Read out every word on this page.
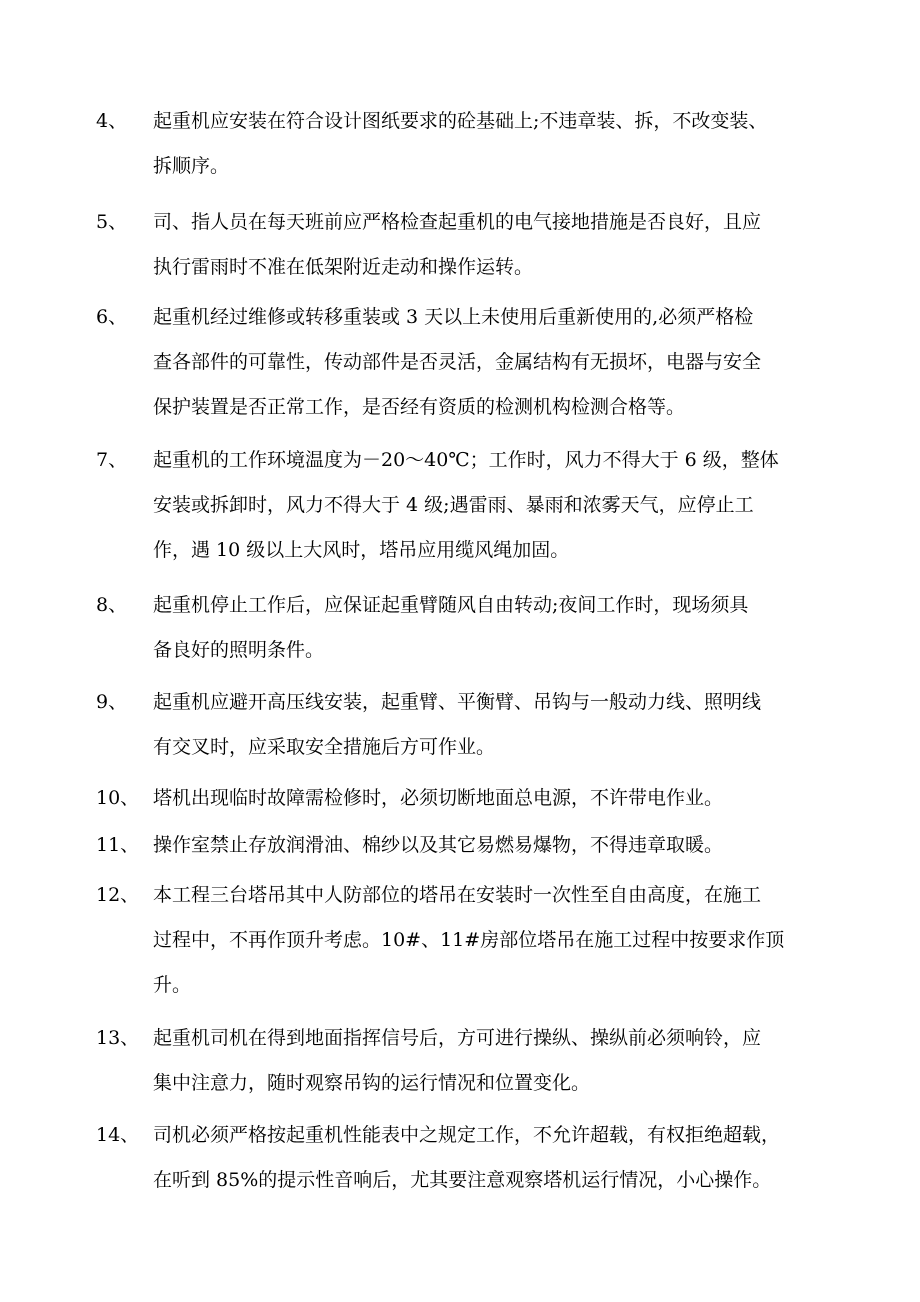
4、 起重机应安装在符合设计图纸要求的砼基础上;不违章装、拆，不改变装、
拆顺序。
5、 司、指人员在每天班前应严格检查起重机的电气接地措施是否良好，且应
执行雷雨时不准在低架附近走动和操作运转。
6、 起重机经过维修或转移重装或 3 天以上未使用后重新使用的,必须严格检
查各部件的可靠性，传动部件是否灵活，金属结构有无损坏，电器与安全
保护装置是否正常工作，是否经有资质的检测机构检测合格等。
7、 起重机的工作环境温度为－20～40℃；工作时，风力不得大于 6 级，整体
安装或拆卸时，风力不得大于 4 级;遇雷雨、暴雨和浓雾天气，应停止工
作，遇 10 级以上大风时，塔吊应用缆风绳加固。
8、 起重机停止工作后，应保证起重臂随风自由转动;夜间工作时，现场须具
备良好的照明条件。
9、 起重机应避开高压线安装，起重臂、平衡臂、吊钩与一般动力线、照明线
有交叉时，应采取安全措施后方可作业。
10、 塔机出现临时故障需检修时，必须切断地面总电源，不许带电作业。
11、 操作室禁止存放润滑油、棉纱以及其它易燃易爆物，不得违章取暖。
12、 本工程三台塔吊其中人防部位的塔吊在安装时一次性至自由高度，在施工
过程中，不再作顶升考虑。10#、11#房部位塔吊在施工过程中按要求作顶
升。
13、 起重机司机在得到地面指挥信号后，方可进行操纵、操纵前必须响铃，应
集中注意力，随时观察吊钩的运行情况和位置变化。
14、 司机必须严格按起重机性能表中之规定工作，不允许超载，有权拒绝超载，
在听到 85%的提示性音响后，尤其要注意观察塔机运行情况，小心操作。
